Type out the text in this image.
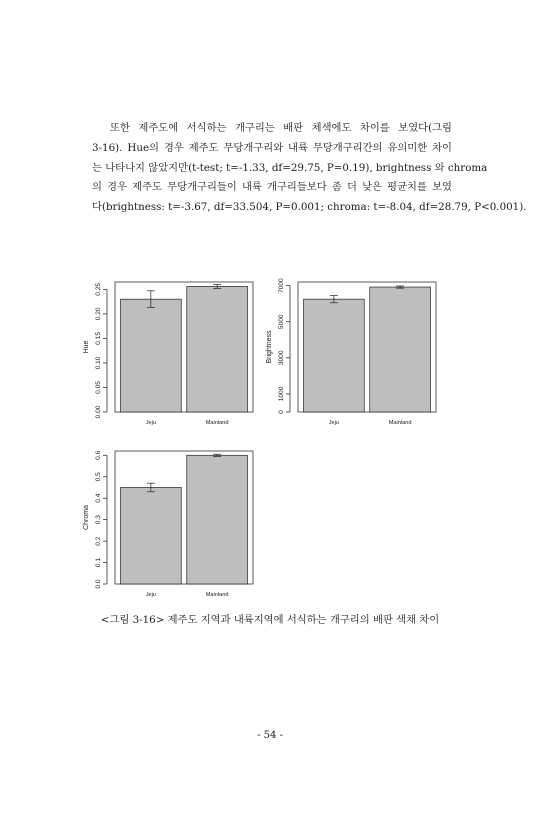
또한 제주도에 서식하는 개구리는 배판 체색에도 차이를 보였다(그림
3-16). Hue의 경우 제주도 무당개구리와 내륙 무당개구리간의 유의미한 차이
는 나타나지 않았지만(t-test; t=-1.33, df=29.75, P=0.19), brightness 와 chroma
의 경우 제주도 무당개구리들이 내륙 개구리들보다 좀 더 낮은 평균치를 보였
다(brightness: t=-3.67, df=33.504, P=0.001; chroma: t=-8.04, df=28.79, P<0.001).

0.00
0.05
0.10
0.15
0.20
0.25
Hue
Jeju	Mainland
0
1000
3000
5000
7000
Brightness
Jeju	Mainland
0.0
0.1
0.2
0.3
0.4
0.5
0.6
Chroma
Jeju	Mainland

<그림 3-16> 제주도 지역과 내륙지역에 서식하는 개구리의 배판 색채 차이

- 54 -
